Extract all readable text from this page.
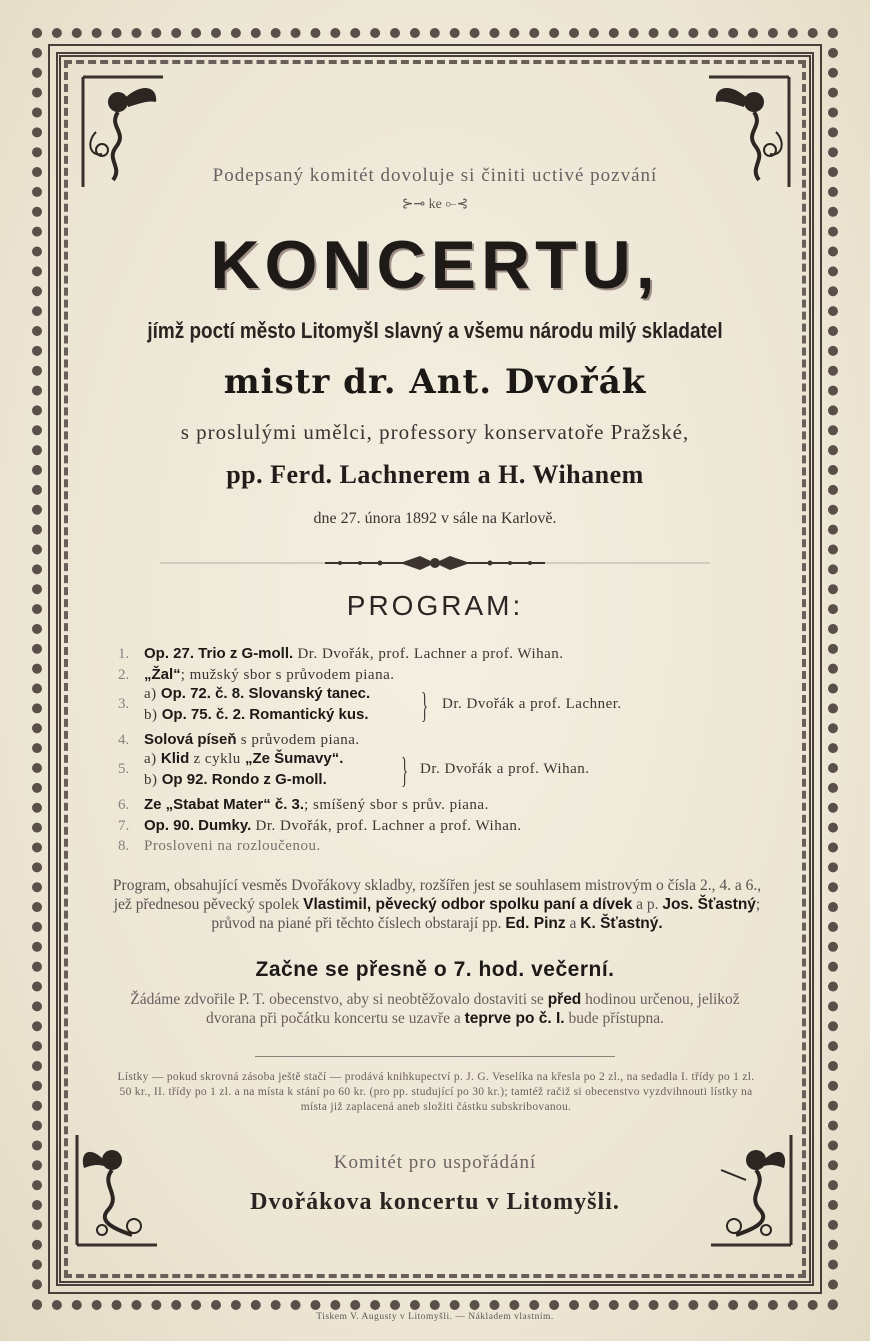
Podepsaný komitét dovoluje si činiti uctivé pozvání
⊱⊸ ke ⟜⊰
KONCERTU,
jímž poctí město Litomyšl slavný a všemu národu milý skladatel
mistr dr. Ant. Dvořák
s proslulými umělci, professory konservatoře Pražské,
pp. Ferd. Lachnerem a H. Wihanem
dne 27. února 1892 v sále na Karlově.
PROGRAM:
1. Op. 27. Trio z G-moll. Dr. Dvořák, prof. Lachner a prof. Wihan.
2. „Žal“; mužský sbor s průvodem piana.
3.
a) Op. 72. č. 8. Slovanský tanec.
b) Op. 75. č. 2. Romantický kus. } Dr. Dvořák a prof. Lachner.
4. Solová píseň s průvodem piana.
5.
a) Klid z cyklu „Ze Šumavy“.
b) Op 92. Rondo z G-moll. } Dr. Dvořák a prof. Wihan.
6. Ze „Stabat Mater“ č. 3.; smíšený sbor s prův. piana.
7. Op. 90. Dumky. Dr. Dvořák, prof. Lachner a prof. Wihan.
8. Prosloveni na rozloučenou.
Program, obsahující vesměs Dvořákovy skladby, rozšířen jest se souhlasem mistrovým o čísla 2., 4. a 6., jež přednesou pěvecký spolek Vlastimil, pěvecký odbor spolku paní a dívek a p. Jos. Šťastný; průvod na piané při těchto číslech obstarají pp. Ed. Pinz a K. Šťastný.
Začne se přesně o 7. hod. večerní.
Žádáme zdvořile P. T. obecenstvo, aby si neobtěžovalo dostaviti se před hodinou určenou, jelikož dvorana při počátku koncertu se uzavře a teprve po č. I. bude přístupna.
Lístky — pokud skrovná zásoba ještě stačí — prodává knihkupectví p. J. G. Veselíka na křesla po 2 zl., na sedadla I. třídy po 1 zl. 50 kr., II. třídy po 1 zl. a na místa k stání po 60 kr. (pro pp. studující po 30 kr.); tamtéž račiž si obecenstvo vyzdvihnouti lístky na místa již zaplacená aneb složiti částku subskribovanou.
Komitét pro uspořádání
Dvořákova koncertu v Litomyšli.
Tiskem V. Augusty v Litomyšli. — Nákladem vlastním.
